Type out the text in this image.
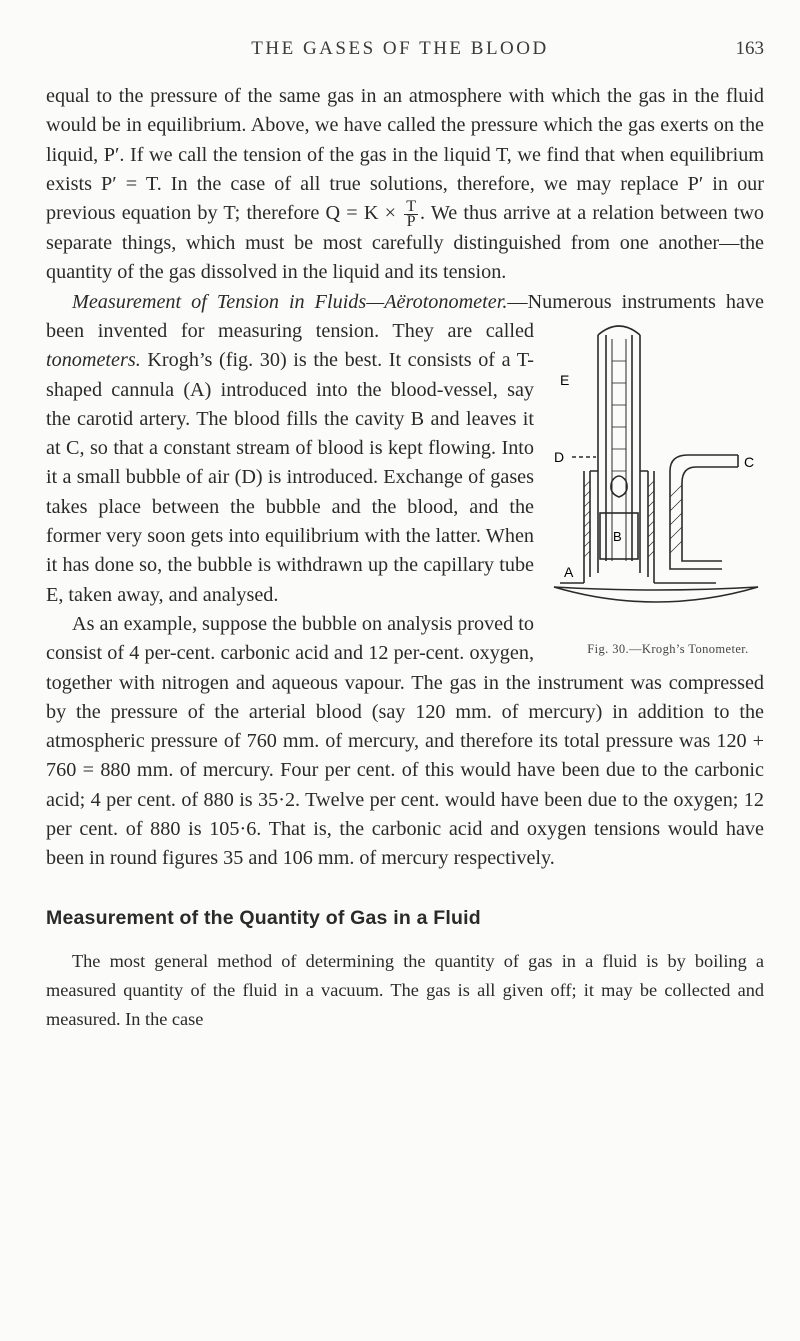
THE GASES OF THE BLOOD	163

equal to the pressure of the same gas in an atmosphere with which the gas in the fluid would be in equilibrium. Above, we have called the pressure which the gas exerts on the liquid, P′. If we call the tension of the gas in the liquid T, we find that when equilibrium exists P′ = T. In the case of all true solutions, therefore, we may replace P′ in our previous equation by T; therefore $Q = K \times \frac{T}{P}$ . We thus arrive at a relation between two separate things, which must be most carefully distinguished from one another—the quantity of the gas dissolved in the liquid and its tension.

Measurement of Tension in Fluids—Aërotonometer.—Numerous instruments have been invented for measuring tension. They are called
E
D
B
C
A
Fig. 30.—Krogh’s Tonometer.
tonometers. Krogh’s (fig. 30) is the best. It consists of a T-shaped cannula (A) introduced into the blood-vessel, say the carotid artery. The blood fills the cavity B and leaves it at C, so that a constant stream of blood is kept flowing. Into it a small bubble of air (D) is introduced. Exchange of gases takes place between the bubble and the blood, and the former very soon gets into equilibrium with the latter. When it has done so, the bubble is withdrawn up the capillary tube E, taken away, and analysed.

As an example, suppose the bubble on analysis proved to consist of 4 per-cent. carbonic acid and 12 per-cent. oxygen, together with nitrogen and aqueous vapour. The gas in the instrument was compressed by the pressure of the arterial blood (say 120 mm. of mercury) in addition to the atmospheric pressure of 760 mm. of mercury, and therefore its total pressure was 120 + 760 = 880 mm. of mercury. Four per cent. of this would have been due to the carbonic acid; 4 per cent. of 880 is 35·2. Twelve per cent. would have been due to the oxygen; 12 per cent. of 880 is 105·6. That is, the carbonic acid and oxygen tensions would have been in round figures 35 and 106 mm. of mercury respectively.

Measurement of the Quantity of Gas in a Fluid

The most general method of determining the quantity of gas in a fluid is by boiling a measured quantity of the fluid in a vacuum. The gas is all given off; it may be collected and measured. In the case
